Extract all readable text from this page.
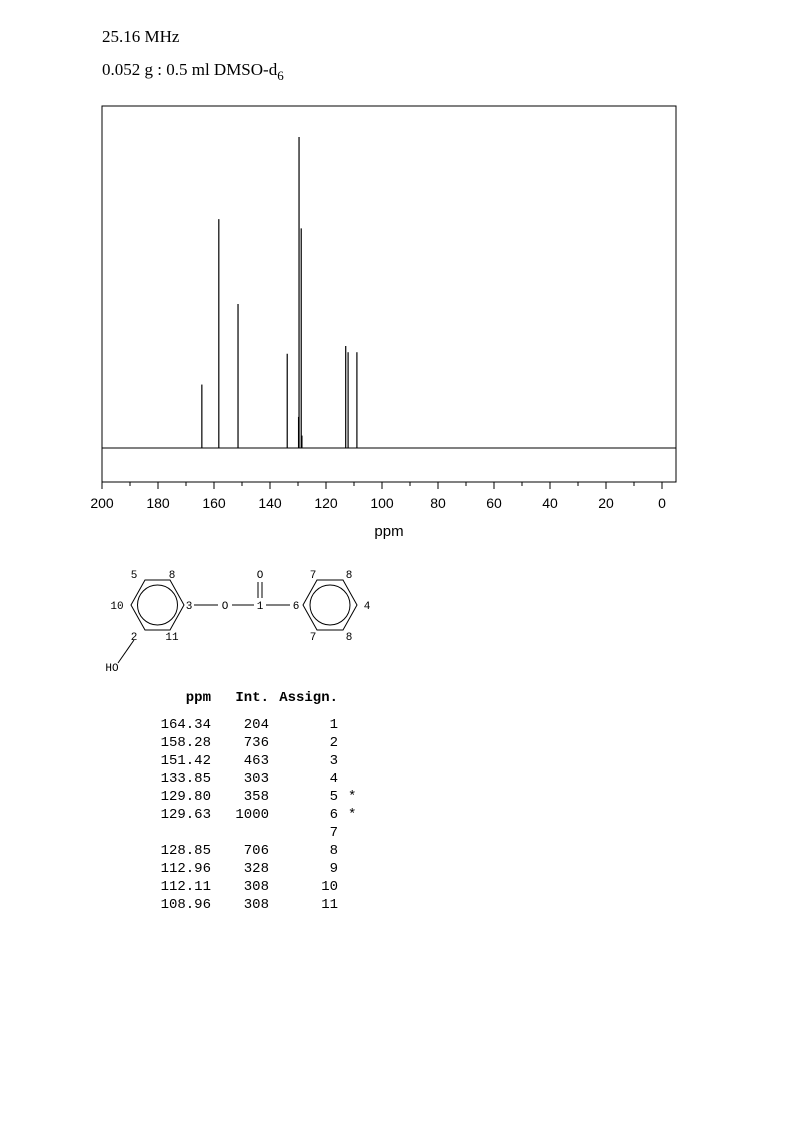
25.16 MHz
0.052 g : 0.5 ml DMSO-$d_6$
200 180 160 140 120 100	80	60	40	20	0
ppm
5	8
10	3
2	11
O	1
O
6
7	8
4
7	8
HO
ppm	Int.	Assign.	
164.34	204	1	
158.28	736	2	
151.42	463	3	
133.85	303	4	
129.80	358	5	*
129.63	1000	6	*
		7	
128.85	706	8	
112.96	328	9	
112.11	308	10	
108.96	308	11	
